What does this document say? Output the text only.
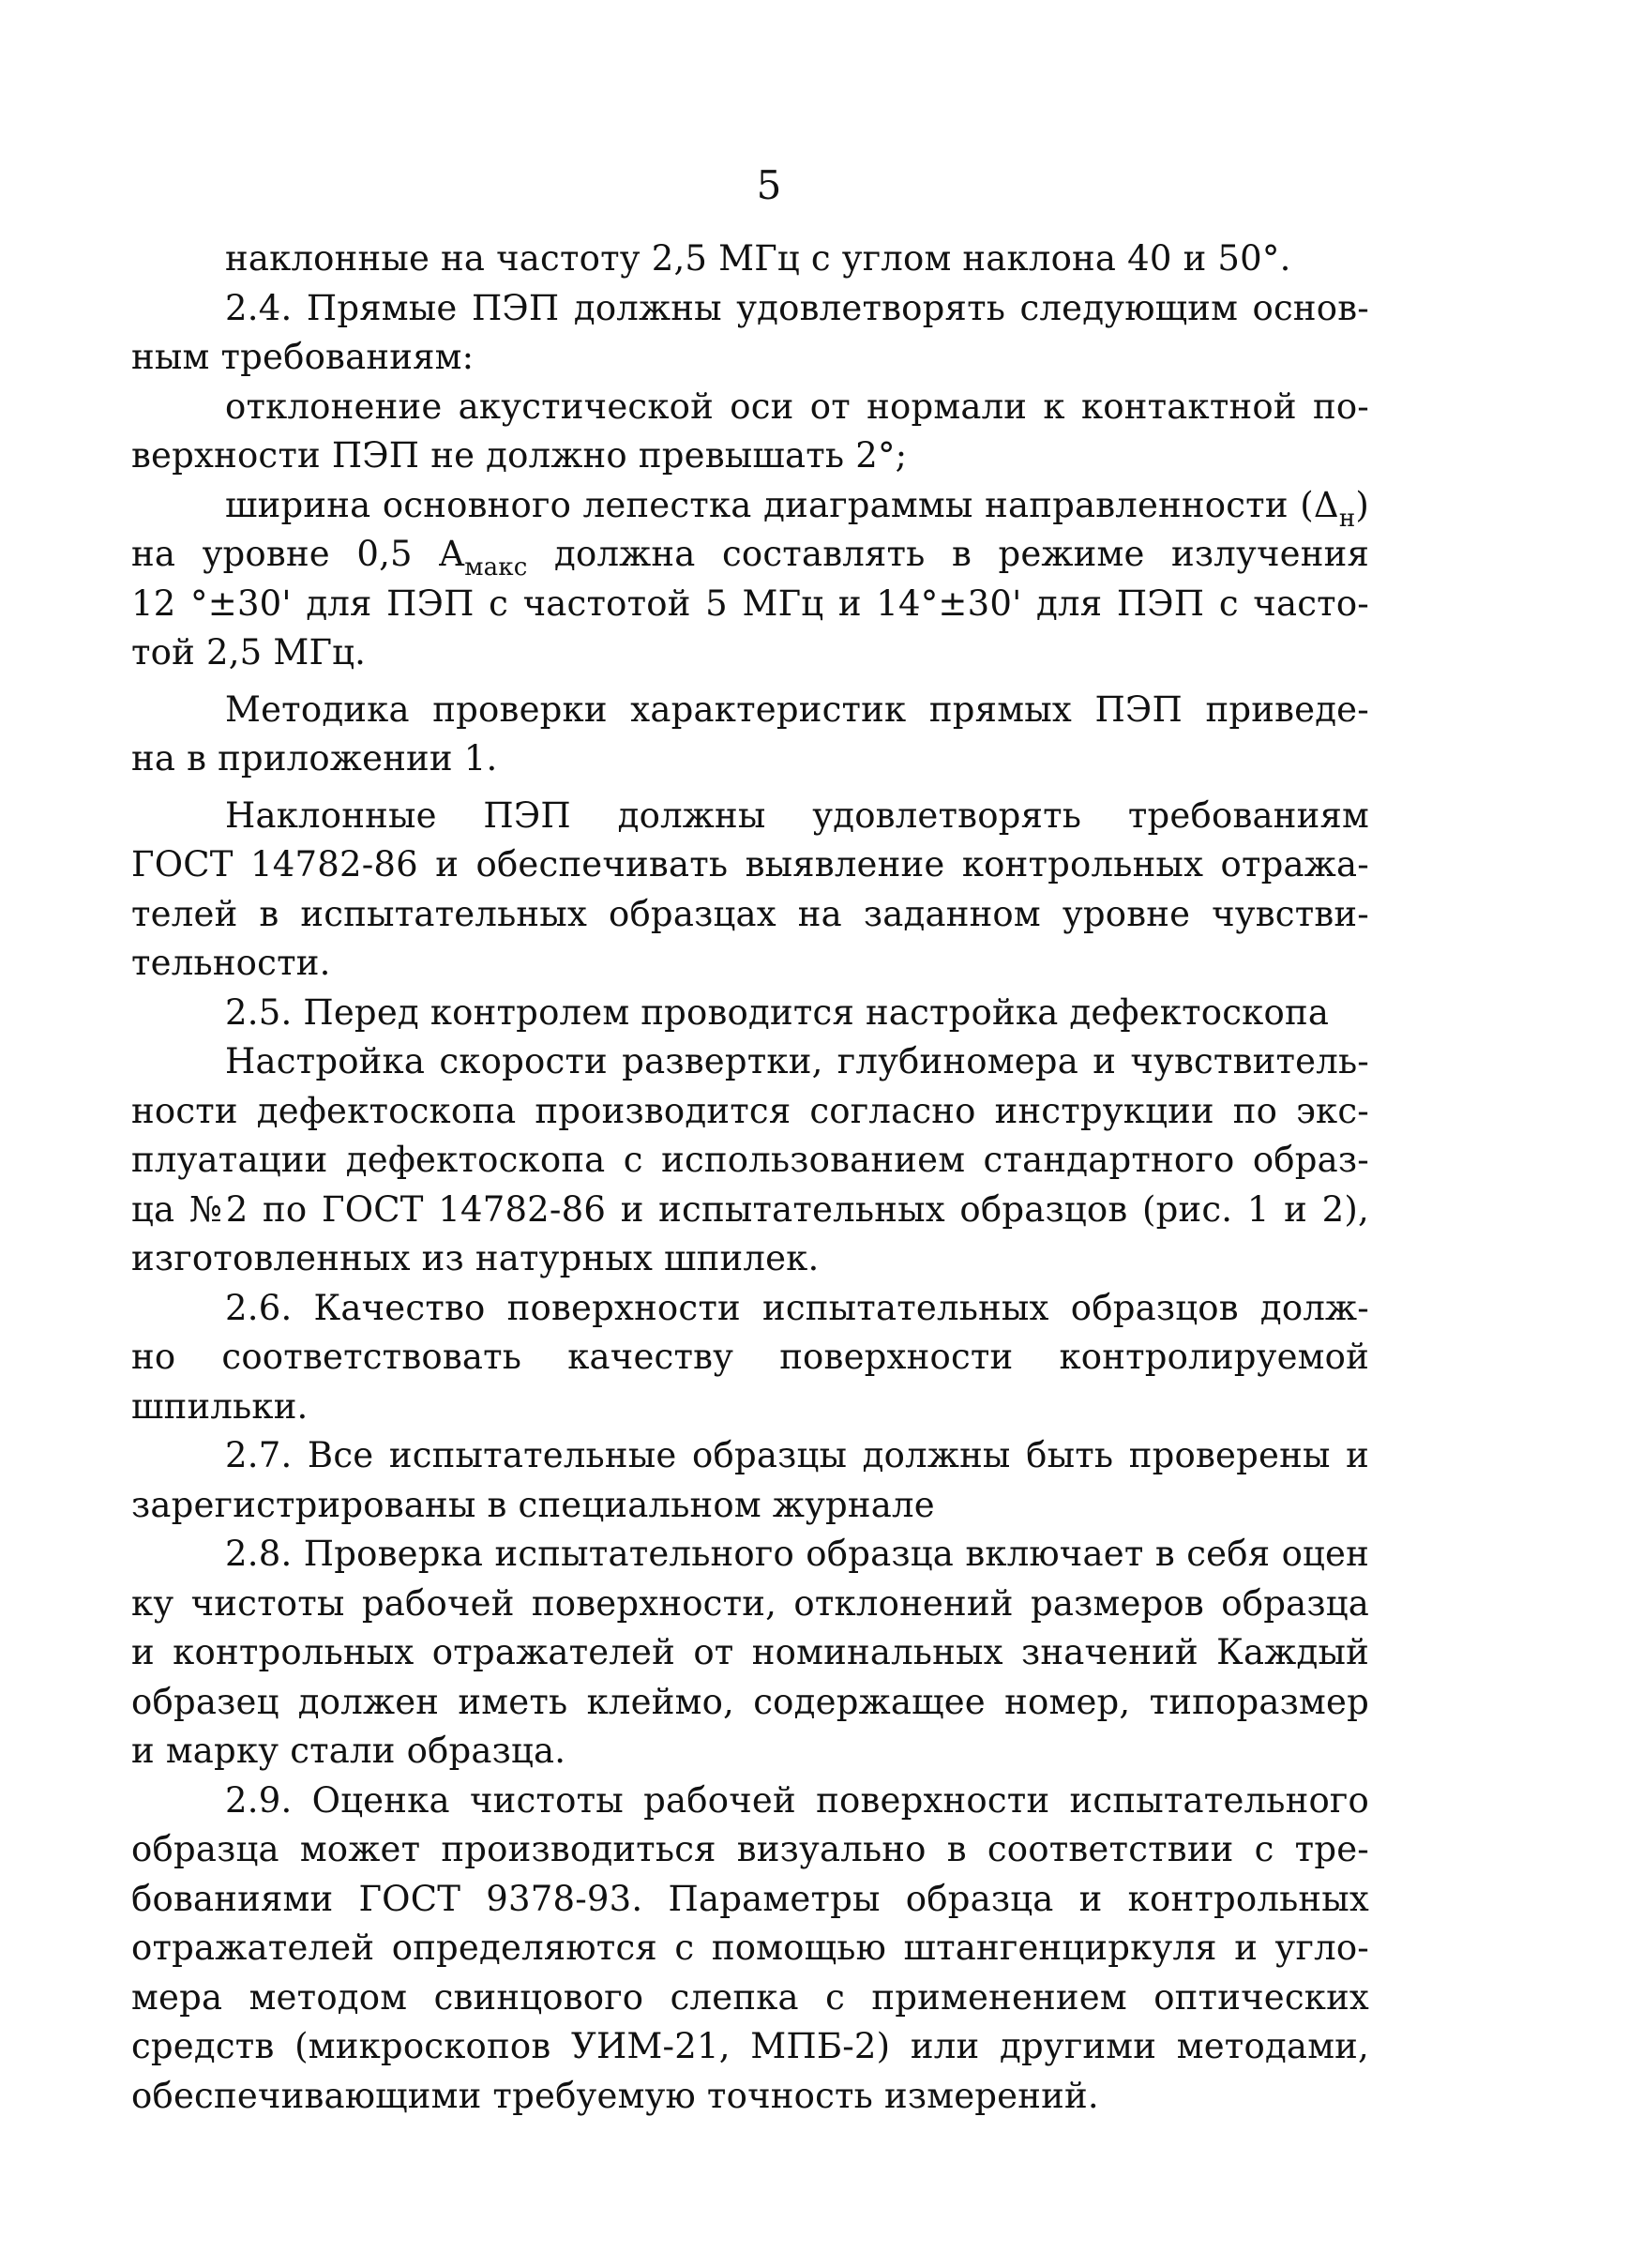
5
наклонные на частоту 2,5 МГц с углом наклона 40 и 50°.
2.4. Прямые ПЭП должны удовлетворять следующим основ-
ным требованиям:
отклонение акустической оси от нормали к контактной по-
верхности ПЭП не должно превышать 2°;
ширина основного лепестка диаграммы направленности $(\Delta_н)$
на уровне 0,5 $A_{макс}$ должна составлять в режиме излучения
12 °±30' для ПЭП с частотой 5 МГц и 14°±30' для ПЭП с часто-
той 2,5 МГц.
Методика проверки характеристик прямых ПЭП приведе-
на в приложении 1.
Наклонные ПЭП должны удовлетворять требованиям
ГОСТ 14782-86 и обеспечивать выявление контрольных отража-
телей в испытательных образцах на заданном уровне чувстви-
тельности.
2.5. Перед контролем проводится настройка дефектоскопа
Настройка скорости развертки, глубиномера и чувствитель-
ности дефектоскопа производится согласно инструкции по экс-
плуатации дефектоскопа с использованием стандартного образ-
ца №2 по ГОСТ 14782-86 и испытательных образцов (рис. 1 и 2),
изготовленных из натурных шпилек.
2.6. Качество поверхности испытательных образцов долж-
но соответствовать качеству поверхности контролируемой
шпильки.
2.7. Все испытательные образцы должны быть проверены и
зарегистрированы в специальном журнале
2.8. Проверка испытательного образца включает в себя оцен
ку чистоты рабочей поверхности, отклонений размеров образца
и контрольных отражателей от номинальных значений Каждый
образец должен иметь клеймо, содержащее номер, типоразмер
и марку стали образца.
2.9. Оценка чистоты рабочей поверхности испытательного
образца может производиться визуально в соответствии с тре-
бованиями ГОСТ 9378-93. Параметры образца и контрольных
отражателей определяются с помощью штангенциркуля и угло-
мера методом свинцового слепка с применением оптических
средств (микроскопов УИМ-21, МПБ-2) или другими методами,
обеспечивающими требуемую точность измерений.
